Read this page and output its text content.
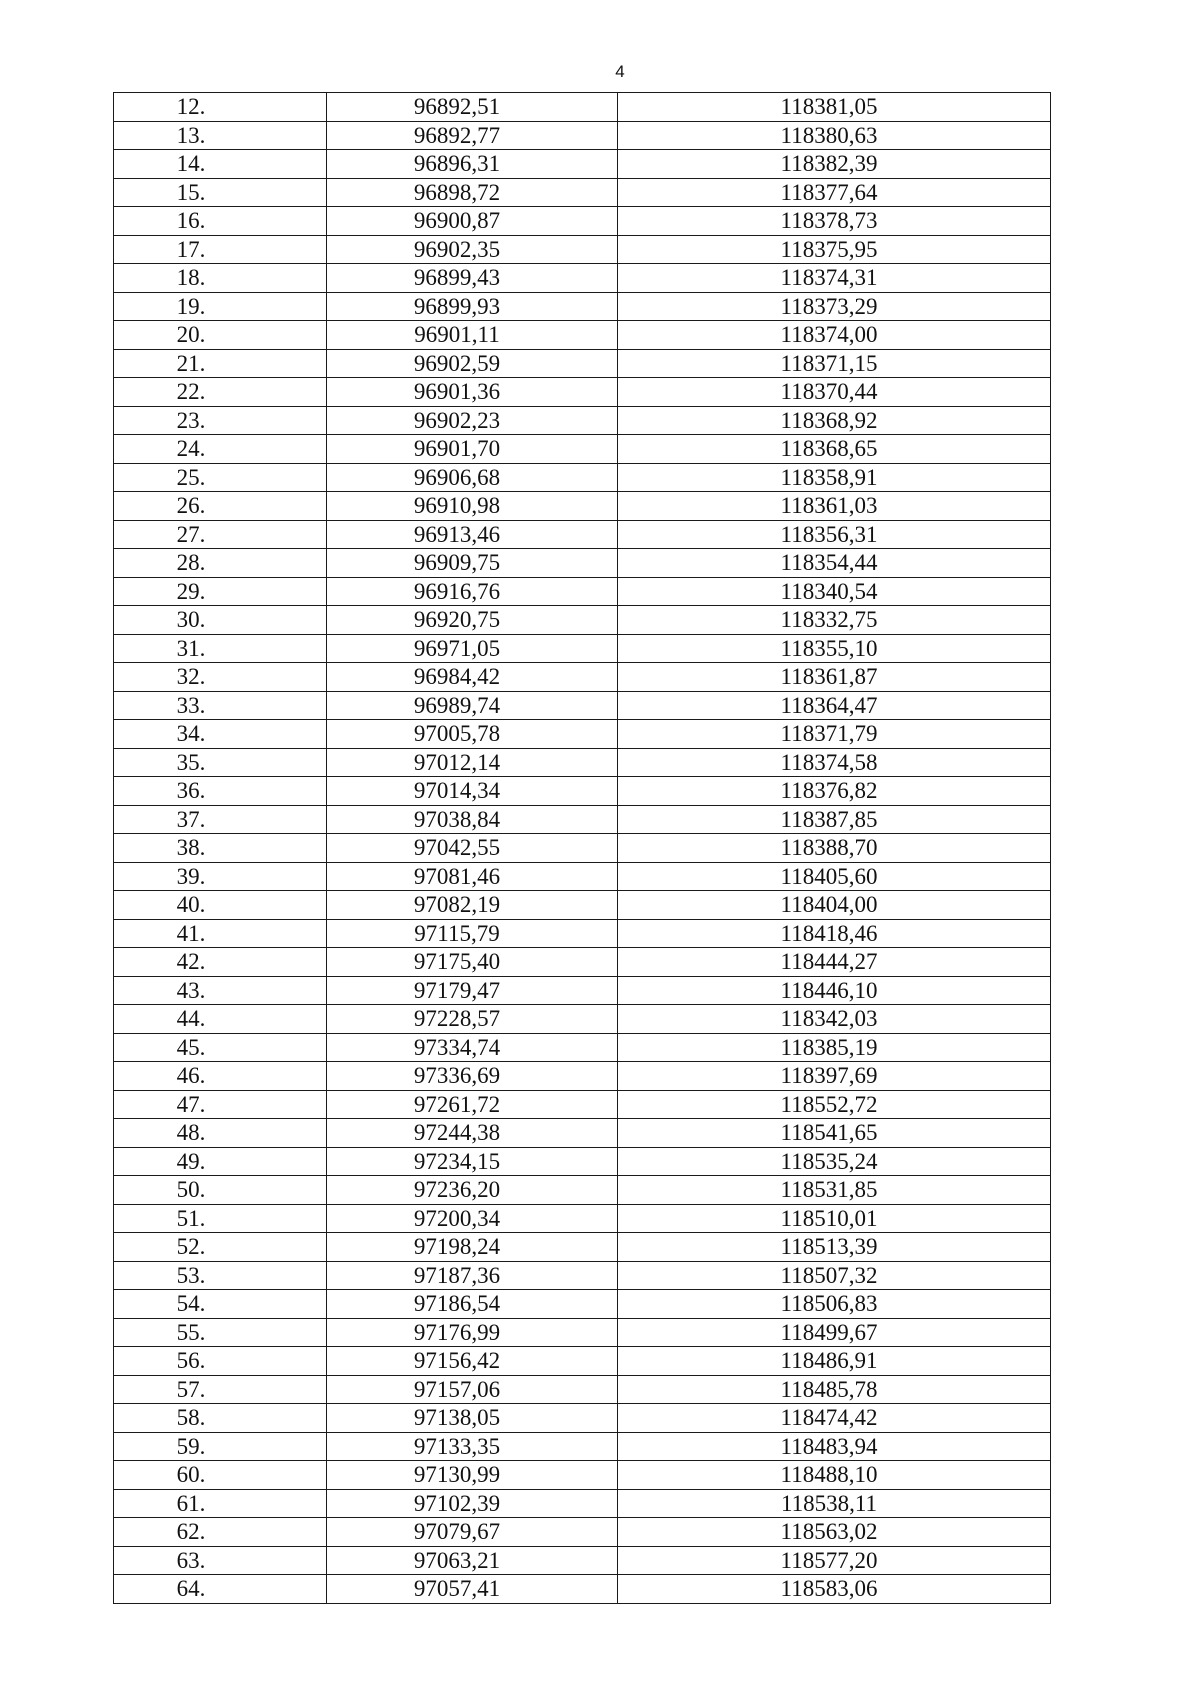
4
12.	96892,51	118381,05
13.	96892,77	118380,63
14.	96896,31	118382,39
15.	96898,72	118377,64
16.	96900,87	118378,73
17.	96902,35	118375,95
18.	96899,43	118374,31
19.	96899,93	118373,29
20.	96901,11	118374,00
21.	96902,59	118371,15
22.	96901,36	118370,44
23.	96902,23	118368,92
24.	96901,70	118368,65
25.	96906,68	118358,91
26.	96910,98	118361,03
27.	96913,46	118356,31
28.	96909,75	118354,44
29.	96916,76	118340,54
30.	96920,75	118332,75
31.	96971,05	118355,10
32.	96984,42	118361,87
33.	96989,74	118364,47
34.	97005,78	118371,79
35.	97012,14	118374,58
36.	97014,34	118376,82
37.	97038,84	118387,85
38.	97042,55	118388,70
39.	97081,46	118405,60
40.	97082,19	118404,00
41.	97115,79	118418,46
42.	97175,40	118444,27
43.	97179,47	118446,10
44.	97228,57	118342,03
45.	97334,74	118385,19
46.	97336,69	118397,69
47.	97261,72	118552,72
48.	97244,38	118541,65
49.	97234,15	118535,24
50.	97236,20	118531,85
51.	97200,34	118510,01
52.	97198,24	118513,39
53.	97187,36	118507,32
54.	97186,54	118506,83
55.	97176,99	118499,67
56.	97156,42	118486,91
57.	97157,06	118485,78
58.	97138,05	118474,42
59.	97133,35	118483,94
60.	97130,99	118488,10
61.	97102,39	118538,11
62.	97079,67	118563,02
63.	97063,21	118577,20
64.	97057,41	118583,06
